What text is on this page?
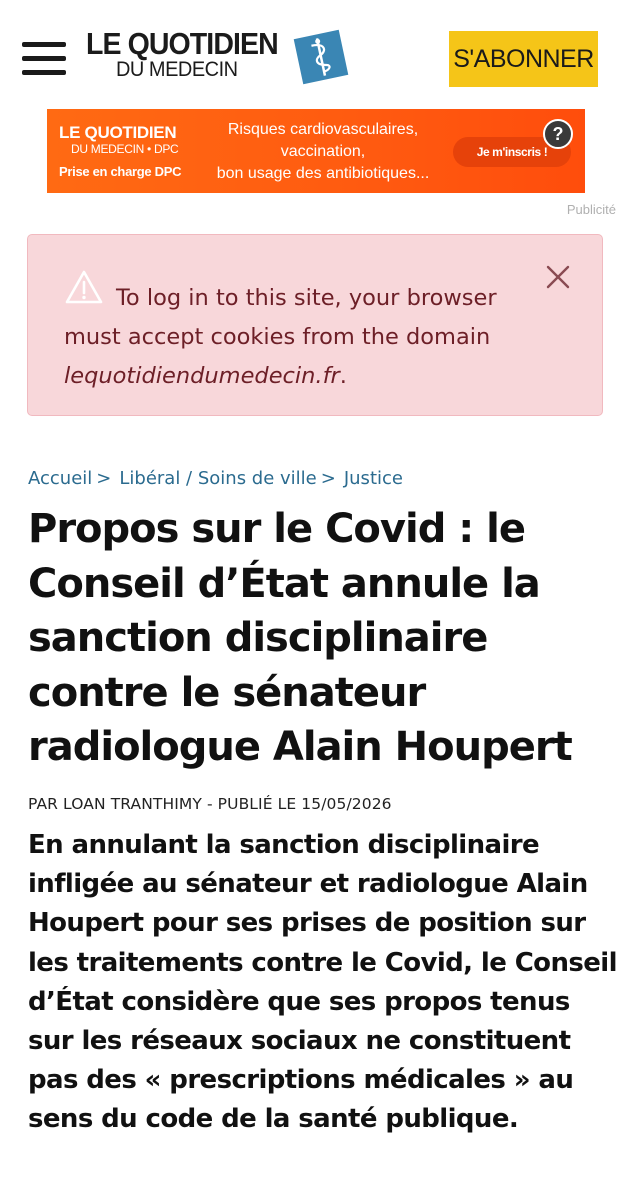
LE QUOTIDIEN
DU MEDECIN	S'ABONNER
LE QUOTIDIEN
DU MEDECIN • DPC
Prise en charge DPC
Risques cardiovasculaires,
vaccination,
bon usage des antibiotiques...
Je m'inscris !
?
Publicité
To log in to this site, your browser
must accept cookies from the domain
lequotidiendumedecin.fr.
Accueil > Libéral / Soins de ville > Justice
Propos sur le Covid : le Conseil d’État annule la sanction disciplinaire contre le sénateur radiologue Alain Houpert
PAR LOAN TRANTHIMY - PUBLIÉ LE 15/05/2026

En annulant la sanction disciplinaire infligée au sénateur et radiologue Alain Houpert pour ses prises de position sur les traitements contre le Covid, le Conseil d’État considère que ses propos tenus sur les réseaux sociaux ne constituent pas des « prescriptions médicales » au sens du code de la santé publique.
